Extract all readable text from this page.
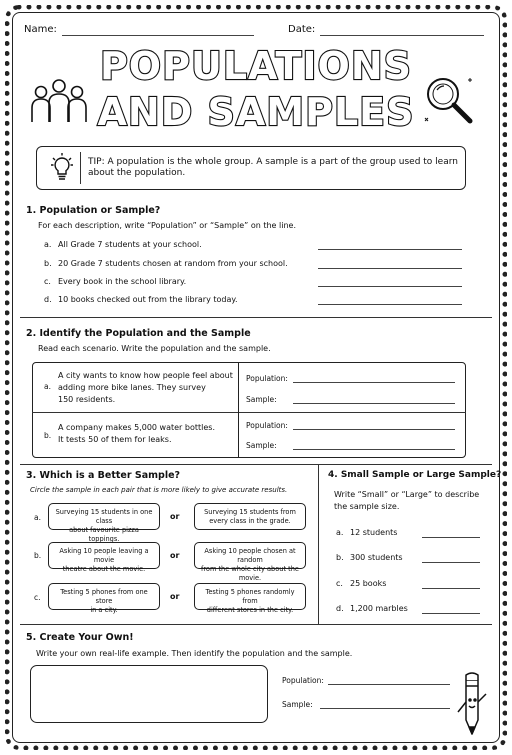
Name:	Date:
POPULATIONS
AND SAMPLES
TIP: A population is the whole group. A sample is a part of the group used to learn about the population.
1. Population or Sample?
For each description, write “Population” or “Sample” on the line.
a. All Grade 7 students at your school.
b. 20 Grade 7 students chosen at random from your school.
c. Every book in the school library.
d. 10 books checked out from the library today.
2. Identify the Population and the Sample
Read each scenario. Write the population and the sample.
a.
A city wants to know how people feel about
adding more bike lanes. They survey
150 residents.
Population:
Sample:
b.
A company makes 5,000 water bottles.
It tests 50 of them for leaks.
Population:
Sample:
3. Which is a Better Sample?
Circle the sample in each pair that is more likely to give accurate results.
a.
Surveying 15 students in one class
about favourite pizza toppings.
or	Surveying 15 students from
every class in the grade.
b.	Asking 10 people leaving a movie
theatre about the movie.
or	Asking 10 people chosen at random
from the whole city about the movie.
c.
Testing 5 phones from one store
in a city.
or	Testing 5 phones randomly from
different stores in the city.
4. Small Sample or Large Sample?
Write “Small” or “Large” to describe
the sample size.
a. 12 students
b. 300 students
c. 25 books
d. 1,200 marbles
5. Create Your Own!
Write your own real-life example. Then identify the population and the sample.
Population:
Sample:
